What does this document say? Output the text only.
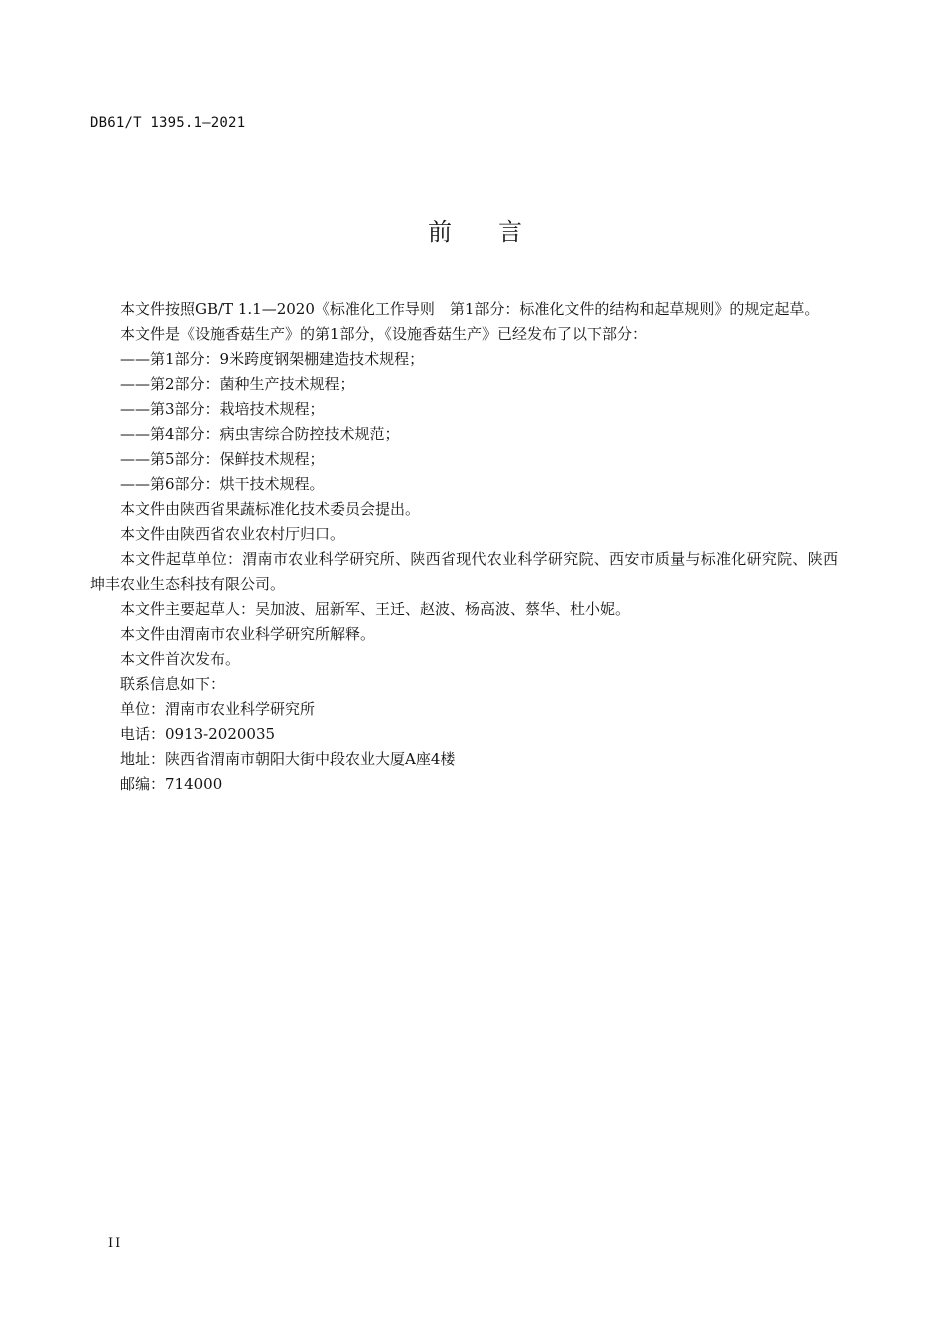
DB61/T 1395.1—2021
前言

本文件按照GB/T 1.1—2020《标准化工作导则　第1部分：标准化文件的结构和起草规则》的规定起草。

本文件是《设施香菇生产》的第1部分，《设施香菇生产》已经发布了以下部分：

——第1部分：9米跨度钢架棚建造技术规程；

——第2部分：菌种生产技术规程；

——第3部分：栽培技术规程；

——第4部分：病虫害综合防控技术规范；

——第5部分：保鲜技术规程；

——第6部分：烘干技术规程。

本文件由陕西省果蔬标准化技术委员会提出。

本文件由陕西省农业农村厅归口。

本文件起草单位：渭南市农业科学研究所、陕西省现代农业科学研究院、西安市质量与标准化研究院、陕西坤丰农业生态科技有限公司。

本文件主要起草人：吴加波、屈新军、王迁、赵波、杨高波、蔡华、杜小妮。

本文件由渭南市农业科学研究所解释。

本文件首次发布。

联系信息如下：

单位：渭南市农业科学研究所

电话：0913-2020035

地址：陕西省渭南市朝阳大街中段农业大厦A座4楼

邮编：714000

II
